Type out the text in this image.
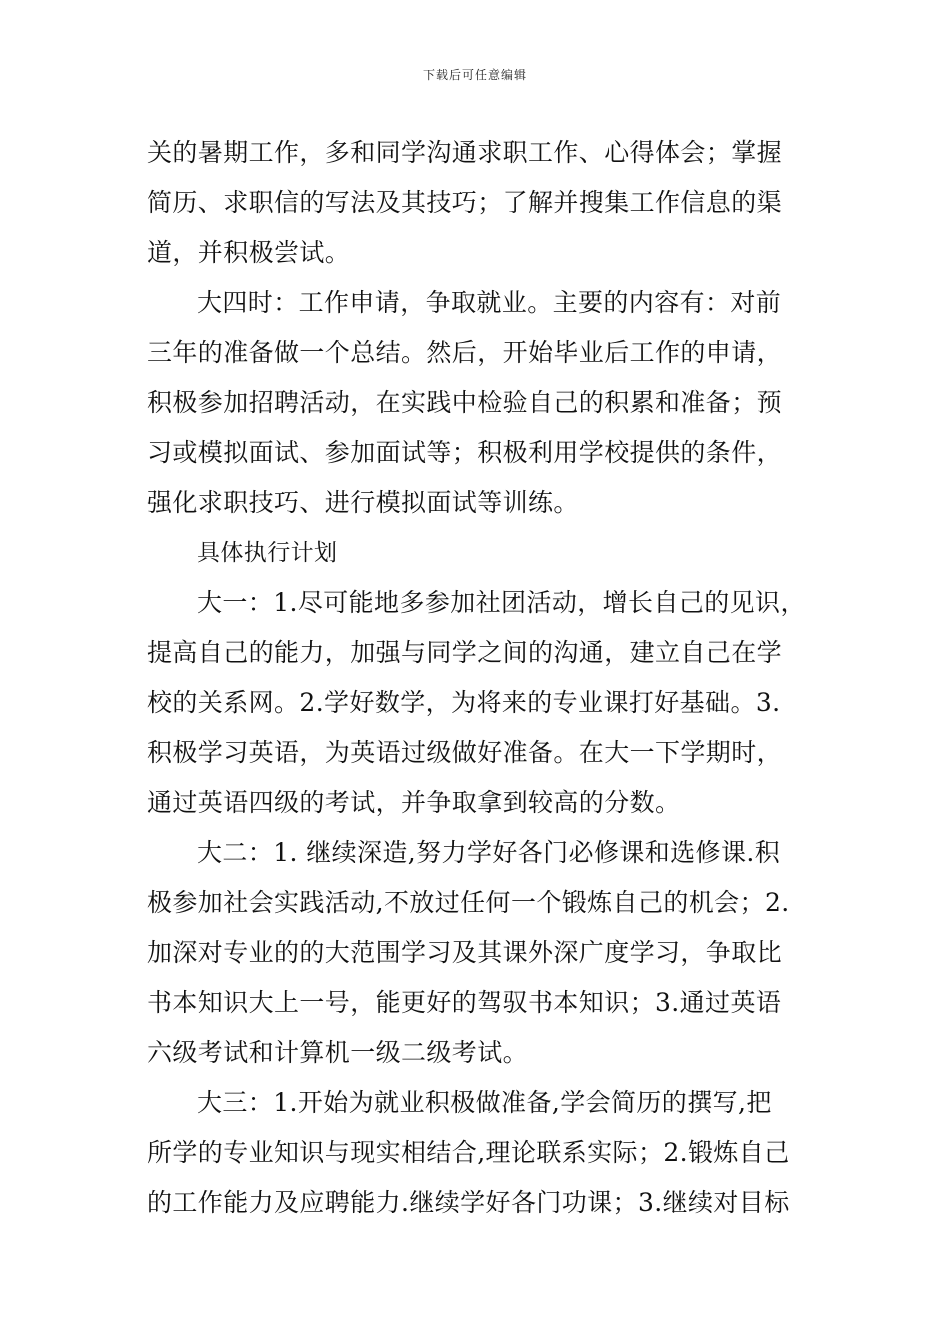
下载后可任意编辑
关的暑期工作，多和同学沟通求职工作、心得体会；掌握
简历、求职信的写法及其技巧；了解并搜集工作信息的渠
道，并积极尝试。
大四时：工作申请，争取就业。主要的内容有：对前
三年的准备做一个总结。然后，开始毕业后工作的申请，
积极参加招聘活动，在实践中检验自己的积累和准备；预
习或模拟面试、参加面试等；积极利用学校提供的条件，
强化求职技巧、进行模拟面试等训练。
具体执行计划
大一：1.尽可能地多参加社团活动，增长自己的见识，
提高自己的能力，加强与同学之间的沟通，建立自己在学
校的关系网。2.学好数学，为将来的专业课打好基础。3.
积极学习英语，为英语过级做好准备。在大一下学期时，
通过英语四级的考试，并争取拿到较高的分数。
大二：1. 继续深造,努力学好各门必修课和选修课.积
极参加社会实践活动,不放过任何一个锻炼自己的机会；2.
加深对专业的的大范围学习及其课外深广度学习，争取比
书本知识大上一号，能更好的驾驭书本知识；3.通过英语
六级考试和计算机一级二级考试。
大三：1.开始为就业积极做准备,学会简历的撰写,把
所学的专业知识与现实相结合,理论联系实际；2.锻炼自己
的工作能力及应聘能力.继续学好各门功课；3.继续对目标
